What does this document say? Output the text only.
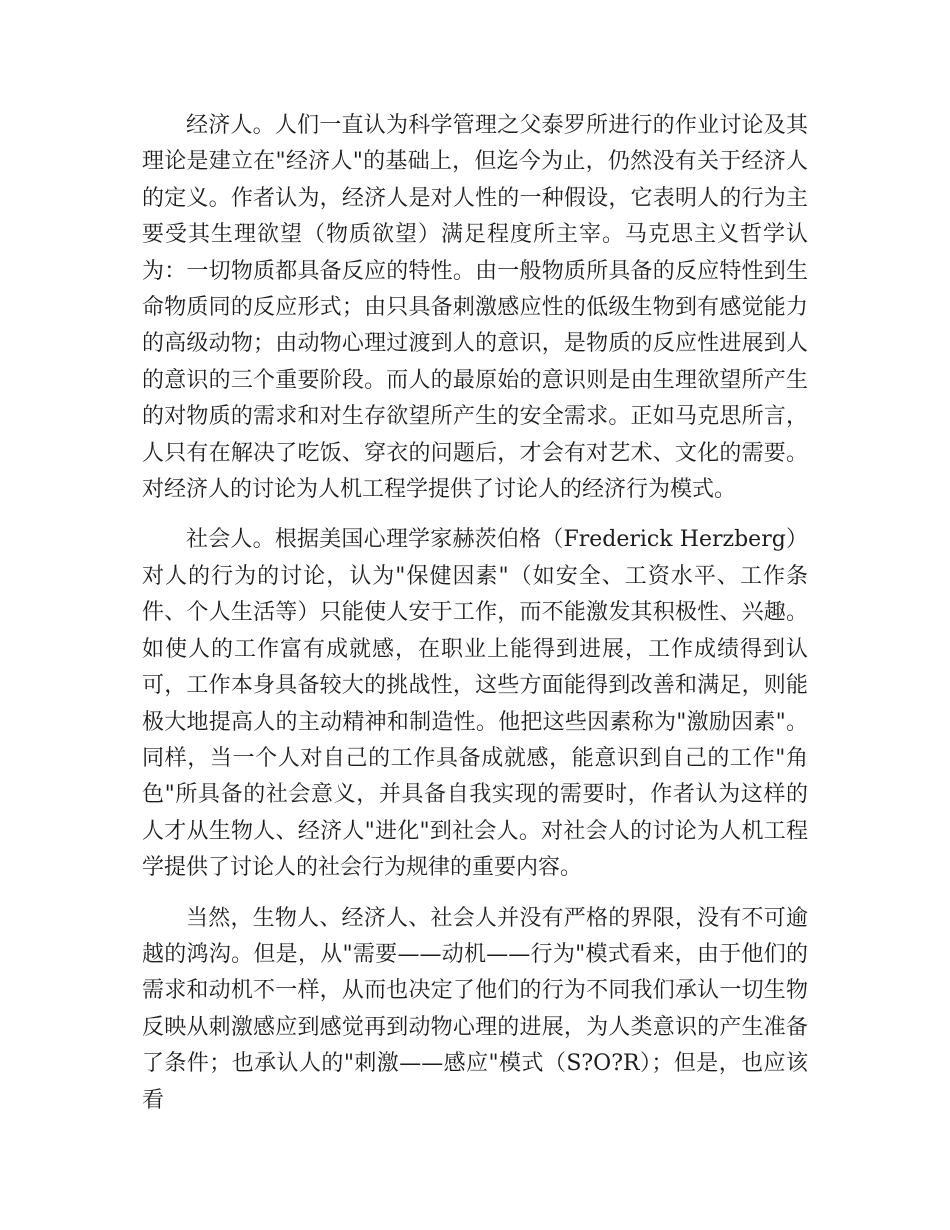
经济人。人们一直认为科学管理之父泰罗所进行的作业讨论及其理论是建立在"经济人"的基础上，但迄今为止，仍然没有关于经济人的定义。作者认为，经济人是对人性的一种假设，它表明人的行为主要受其生理欲望（物质欲望）满足程度所主宰。马克思主义哲学认为：一切物质都具备反应的特性。由一般物质所具备的反应特性到生命物质同的反应形式；由只具备刺激感应性的低级生物到有感觉能力的高级动物；由动物心理过渡到人的意识，是物质的反应性进展到人的意识的三个重要阶段。而人的最原始的意识则是由生理欲望所产生的对物质的需求和对生存欲望所产生的安全需求。正如马克思所言，人只有在解决了吃饭、穿衣的问题后，才会有对艺术、文化的需要。对经济人的讨论为人机工程学提供了讨论人的经济行为模式。

社会人。根据美国心理学家赫茨伯格（Frederick Herzberg）对人的行为的讨论，认为"保健因素"（如安全、工资水平、工作条件、个人生活等）只能使人安于工作，而不能激发其积极性、兴趣。如使人的工作富有成就感，在职业上能得到进展，工作成绩得到认可，工作本身具备较大的挑战性，这些方面能得到改善和满足，则能极大地提高人的主动精神和制造性。他把这些因素称为"激励因素"。同样，当一个人对自己的工作具备成就感，能意识到自己的工作"角色"所具备的社会意义，并具备自我实现的需要时，作者认为这样的人才从生物人、经济人"进化"到社会人。对社会人的讨论为人机工程学提供了讨论人的社会行为规律的重要内容。

当然，生物人、经济人、社会人并没有严格的界限，没有不可逾越的鸿沟。但是，从"需要——动机——行为"模式看来，由于他们的需求和动机不一样，从而也决定了他们的行为不同我们承认一切生物反映从刺激感应到感觉再到动物心理的进展，为人类意识的产生准备了条件；也承认人的"刺激——感应"模式（S?O?R）；但是，也应该看
